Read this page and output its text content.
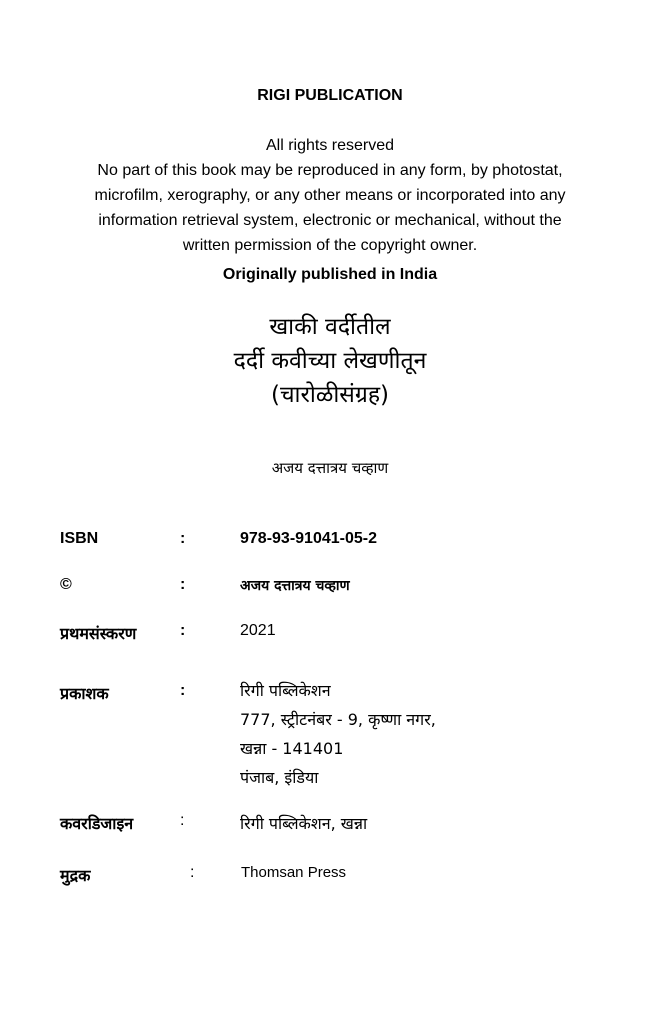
RIGI PUBLICATION
All rights reserved
No part of this book may be reproduced in any form, by photostat,
microfilm, xerography, or any other means or incorporated into any
information retrieval system, electronic or mechanical, without the
written permission of the copyright owner.
Originally published in India
खाकी वर्दीतील
दर्दी कवीच्या लेखणीतून
(चारोळीसंग्रह)
अजय दत्तात्रय चव्हाण
ISBN	:	978-93-91041-05-2
©	:	अजय दत्तात्रय चव्हाण
प्रथमसंस्करण	:	2021
प्रकाशक	:	रिगी पब्लिकेशन
777, स्ट्रीटनंबर - 9, कृष्णा नगर,
खन्ना - 141401
पंजाब, इंडिया
कवरडिजाइन	:	रिगी पब्लिकेशन, खन्ना
मुद्रक	:	Thomsan Press
